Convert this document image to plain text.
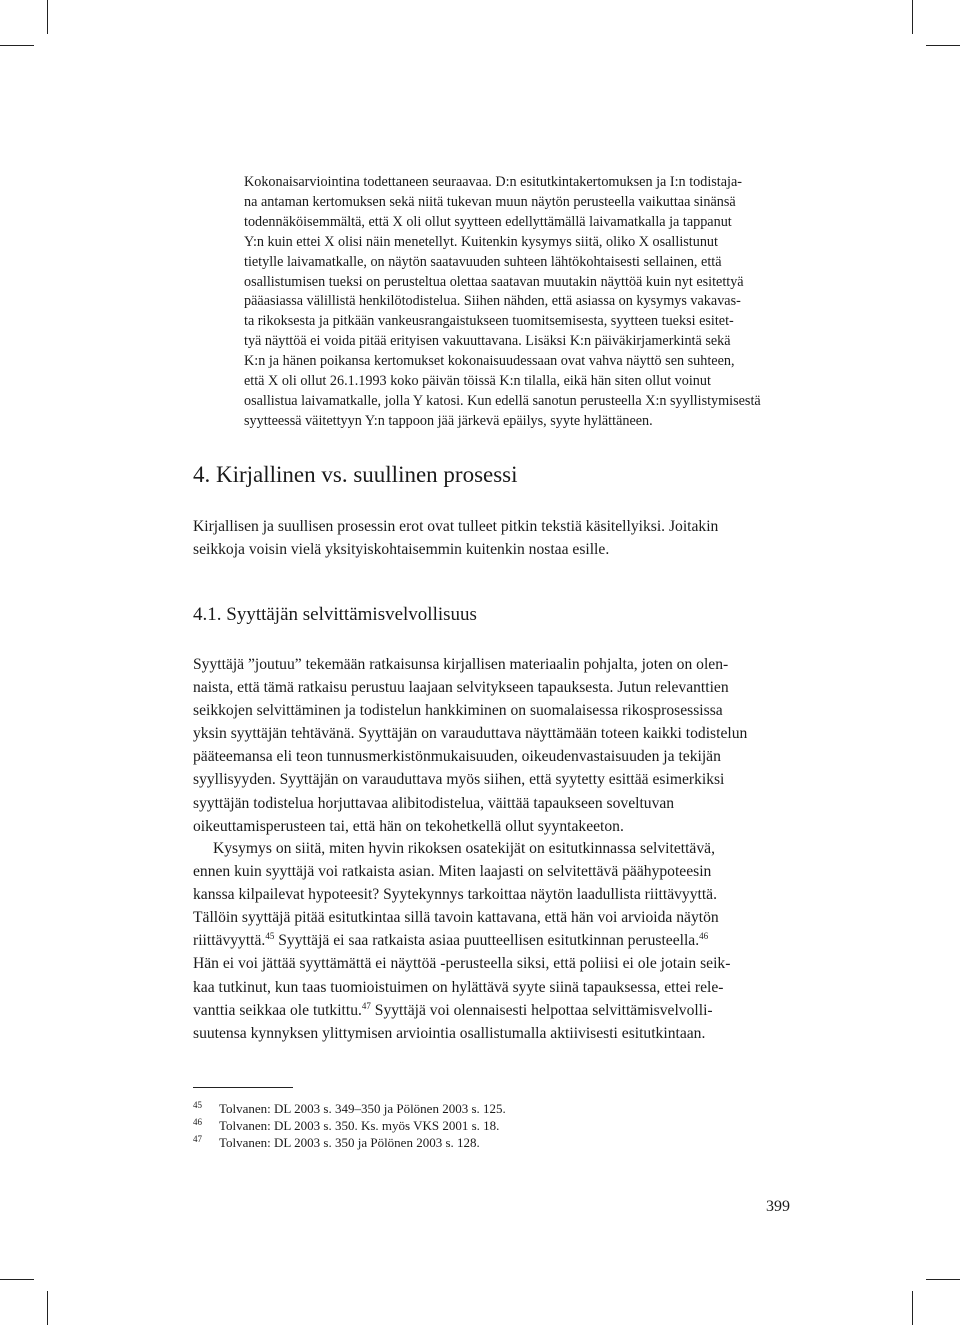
Kokonaisarviointina todettaneen seuraavaa. D:n esitutkintakertomuksen ja I:n todistaja-
na antaman kertomuksen sekä niitä tukevan muun näytön perusteella vaikuttaa sinänsä
todennäköisemmältä, että X oli ollut syytteen edellyttämällä laivamatkalla ja tappanut
Y:n kuin ettei X olisi näin menetellyt. Kuitenkin kysymys siitä, oliko X osallistunut
tietylle laivamatkalle, on näytön saatavuuden suhteen lähtökohtaisesti sellainen, että
osallistumisen tueksi on perusteltua olettaa saatavan muutakin näyttöä kuin nyt esitettyä
pääasiassa välillistä henkilötodistelua. Siihen nähden, että asiassa on kysymys vakavas-
ta rikoksesta ja pitkään vankeusrangaistukseen tuomitsemisesta, syytteen tueksi esitet-
tyä näyttöä ei voida pitää erityisen vakuuttavana. Lisäksi K:n päiväkirjamerkintä sekä
K:n ja hänen poikansa kertomukset kokonaisuudessaan ovat vahva näyttö sen suhteen,
että X oli ollut 26.1.1993 koko päivän töissä K:n tilalla, eikä hän siten ollut voinut
osallistua laivamatkalle, jolla Y katosi. Kun edellä sanotun perusteella X:n syyllistymisestä
syytteessä väitettyyn Y:n tappoon jää järkevä epäilys, syyte hylättäneen.
4. Kirjallinen vs. suullinen prosessi
Kirjallisen ja suullisen prosessin erot ovat tulleet pitkin tekstiä käsitellyiksi. Joitakin
seikkoja voisin vielä yksityiskohtaisemmin kuitenkin nostaa esille.
4.1. Syyttäjän selvittämisvelvollisuus
Syyttäjä ”joutuu” tekemään ratkaisunsa kirjallisen materiaalin pohjalta, joten on olen-
naista, että tämä ratkaisu perustuu laajaan selvitykseen tapauksesta. Jutun relevanttien
seikkojen selvittäminen ja todistelun hankkiminen on suomalaisessa rikosprosessissa
yksin syyttäjän tehtävänä. Syyttäjän on varauduttava näyttämään toteen kaikki todistelun
pääteemansa eli teon tunnusmerkistönmukaisuuden, oikeudenvastaisuuden ja tekijän
syyllisyyden. Syyttäjän on varauduttava myös siihen, että syytetty esittää esimerkiksi
syyttäjän todistelua horjuttavaa alibitodistelua, väittää tapaukseen soveltuvan
oikeuttamisperusteen tai, että hän on tekohetkellä ollut syyntakeeton.
Kysymys on siitä, miten hyvin rikoksen osatekijät on esitutkinnassa selvitettävä,
ennen kuin syyttäjä voi ratkaista asian. Miten laajasti on selvitettävä päähypoteesin
kanssa kilpailevat hypoteesit? Syytekynnys tarkoittaa näytön laadullista riittävyyttä.
Tällöin syyttäjä pitää esitutkintaa sillä tavoin kattavana, että hän voi arvioida näytön
riittävyyttä.$^{45}$ Syyttäjä ei saa ratkaista asiaa puutteellisen esitutkinnan perusteella.$^{46}$
Hän ei voi jättää syyttämättä ei näyttöä -perusteella siksi, että poliisi ei ole jotain seik-
kaa tutkinut, kun taas tuomioistuimen on hylättävä syyte siinä tapauksessa, ettei rele-
vanttia seikkaa ole tutkittu.$^{47}$ Syyttäjä voi olennaisesti helpottaa selvittämisvelvolli-
suutensa kynnyksen ylittymisen arviointia osallistumalla aktiivisesti esitutkintaan.
45 Tolvanen: DL 2003 s. 349–350 ja Pölönen 2003 s. 125.
46 Tolvanen: DL 2003 s. 350. Ks. myös VKS 2001 s. 18.
47 Tolvanen: DL 2003 s. 350 ja Pölönen 2003 s. 128.
399
